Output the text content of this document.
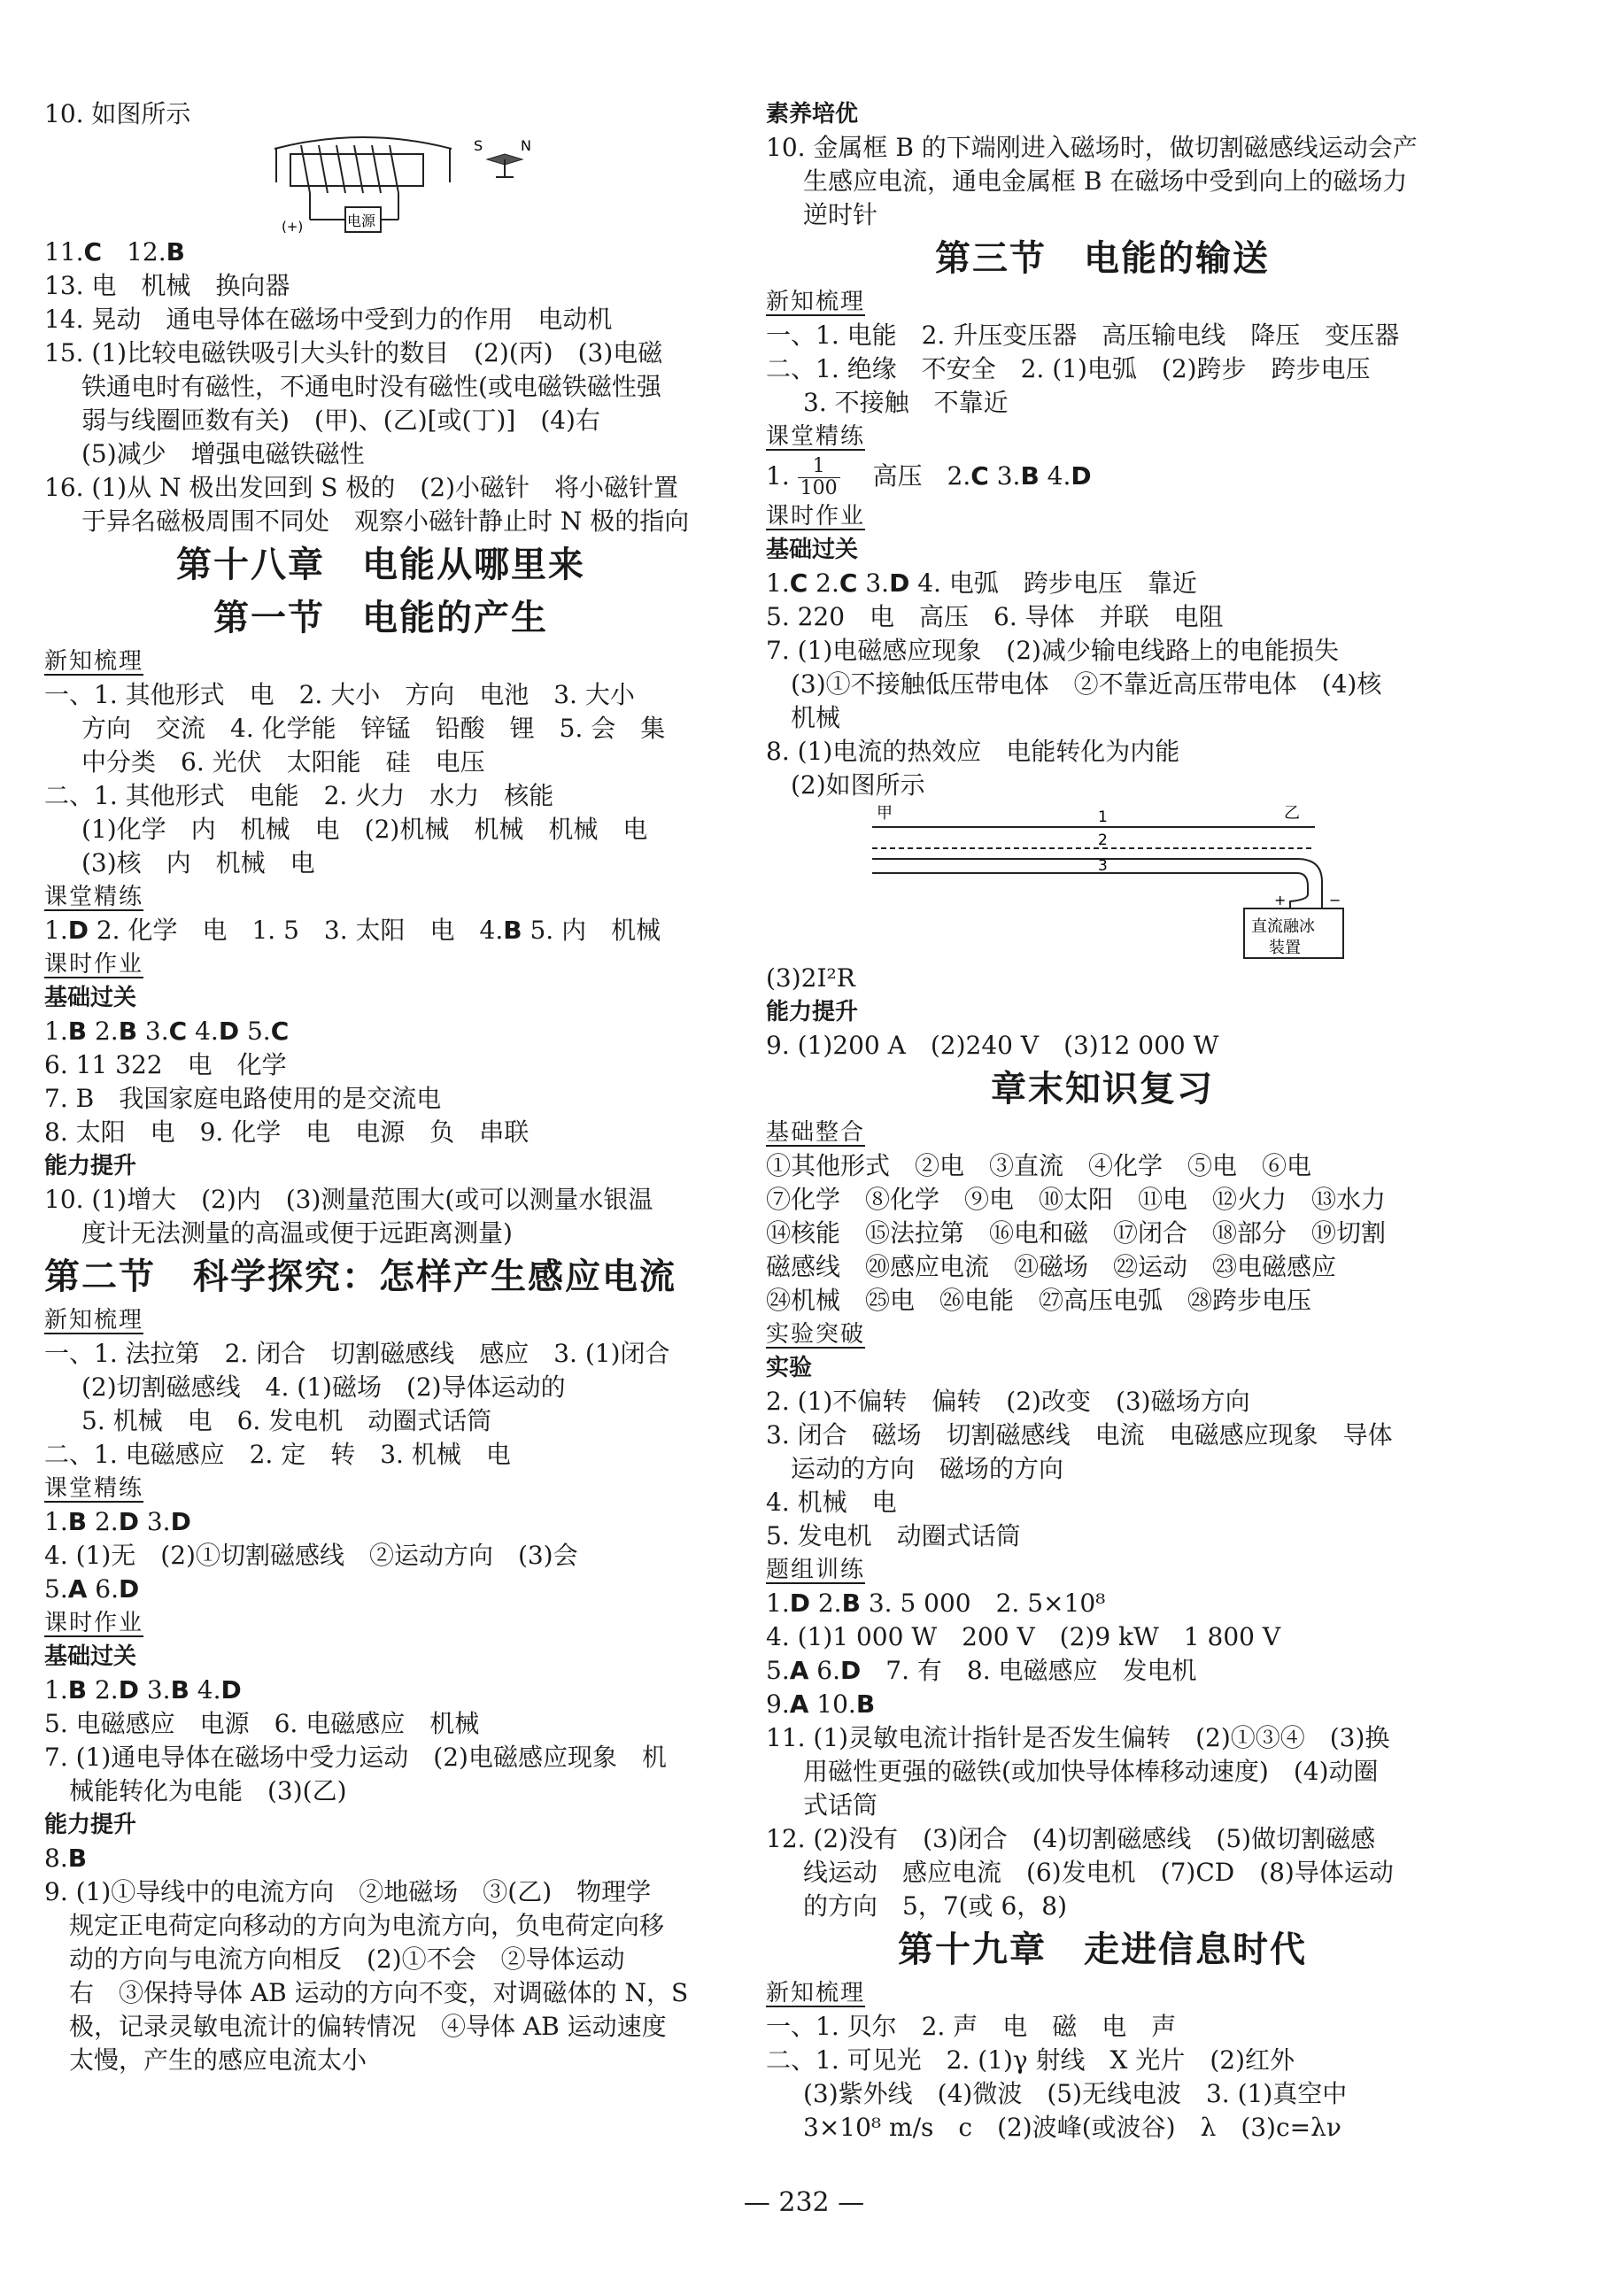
10. 如图所示
电源
(+)
S	N
11.C　 12.B
13. 电　机械　换向器
14. 晃动　通电导体在磁场中受到力的作用　电动机
15. (1)比较电磁铁吸引大头针的数目　(2)(丙)　(3)电磁
铁通电时有磁性，不通电时没有磁性(或电磁铁磁性强
弱与线圈匝数有关)　(甲)、(乙)[或(丁)]　(4)右
(5)减少　增强电磁铁磁性
16. (1)从 N 极出发回到 S 极的　(2)小磁针　将小磁针置
于异名磁极周围不同处　观察小磁针静止时 N 极的指向
第十八章　电能从哪里来
第一节　电能的产生
新知梳理
一、1. 其他形式　电　2. 大小　方向　电池　3. 大小
方向　交流　4. 化学能　锌锰　铅酸　锂　5. 会　集
中分类　6. 光伏　太阳能　硅　电压
二、1. 其他形式　电能　2. 火力　水力　核能
(1)化学　内　机械　电　(2)机械　机械　机械　电
(3)核　内　机械　电
课堂精练
1.D 2. 化学　电　1. 5　3. 太阳　电　4.B 5. 内　机械
课时作业
基础过关
1.B 2.B 3.C 4.D 5.C
6. 11 322　电　化学
7. B　我国家庭电路使用的是交流电
8. 太阳　电　9. 化学　电　电源　负　串联
能力提升
10. (1)增大　(2)内　(3)测量范围大(或可以测量水银温
度计无法测量的高温或便于远距离测量)
第二节　科学探究：怎样产生感应电流
新知梳理
一、1. 法拉第　2. 闭合　切割磁感线　感应　3. (1)闭合
(2)切割磁感线　4. (1)磁场　(2)导体运动的
5. 机械　电　6. 发电机　动圈式话筒
二、1. 电磁感应　2. 定　转　3. 机械　电
课堂精练
1.B 2.D 3.D
4. (1)无　(2)①切割磁感线　②运动方向　(3)会
5.A 6.D
课时作业
基础过关
1.B 2.D 3.B 4.D
5. 电磁感应　电源　6. 电磁感应　机械
7. (1)通电导体在磁场中受力运动　(2)电磁感应现象　机
械能转化为电能　(3)(乙)
能力提升
8.B
9. (1)①导线中的电流方向　②地磁场　③(乙)　物理学
规定正电荷定向移动的方向为电流方向，负电荷定向移
动的方向与电流方向相反　(2)①不会　②导体运动
右　③保持导体 AB 运动的方向不变，对调磁体的 N，S
极，记录灵敏电流计的偏转情况　④导体 AB 运动速度
太慢，产生的感应电流太小
素养培优
10. 金属框 B 的下端刚进入磁场时，做切割磁感线运动会产
生感应电流，通电金属框 B 在磁场中受到向上的磁场力
逆时针
第三节　电能的输送
新知梳理
一、1. 电能　2. 升压变压器　高压输电线　降压　变压器
二、1. 绝缘　不安全　2. (1)电弧　(2)跨步　跨步电压
3. 不接触　不靠近
课堂精练
1. $\frac{1}{100}$
　 高压　2.C 3.B 4.D
课时作业
基础过关
1.C 2.C 3.D 4. 电弧　跨步电压　靠近
5. 220　电　高压　6. 导体　并联　电阻
7. (1)电磁感应现象　(2)减少输电线路上的电能损失
(3)①不接触低压带电体　②不靠近高压带电体　(4)核
机械
8. (1)电流的热效应　电能转化为内能
(2)如图所示
甲	乙
1
2
3
直流融冰
装置
+	−
(3)2I²R
能力提升
9. (1)200 A　(2)240 V　(3)12 000 W
章末知识复习
基础整合
①其他形式　②电　③直流　④化学　⑤电　⑥电
⑦化学　⑧化学　⑨电　⑩太阳　⑪电　⑫火力　⑬水力
⑭核能　⑮法拉第　⑯电和磁　⑰闭合　⑱部分　⑲切割
磁感线　⑳感应电流　㉑磁场　㉒运动　㉓电磁感应
㉔机械　㉕电　㉖电能　㉗高压电弧　㉘跨步电压
实验突破
实验
2. (1)不偏转　偏转　(2)改变　(3)磁场方向
3. 闭合　磁场　切割磁感线　电流　电磁感应现象　导体
运动的方向　磁场的方向
4. 机械　电
5. 发电机　动圈式话筒
题组训练
1.D 2.B 3. 5 000　2. 5×10⁸
4. (1)1 000 W　200 V　(2)9 kW　1 800 V
5.A 6.D　7. 有　8. 电磁感应　发电机
9.A 10.B
11. (1)灵敏电流计指针是否发生偏转　(2)①③④　(3)换
用磁性更强的磁铁(或加快导体棒移动速度)　(4)动圈
式话筒
12. (2)没有　(3)闭合　(4)切割磁感线　(5)做切割磁感
线运动　感应电流　(6)发电机　(7)CD　(8)导体运动
的方向　5，7(或 6，8)
第十九章　走进信息时代
新知梳理
一、1. 贝尔　2. 声　电　磁　电　声
二、1. 可见光　2. (1)γ 射线　X 光片　(2)红外
(3)紫外线　(4)微波　(5)无线电波　3. (1)真空中
3×10⁸ m/s　c　(2)波峰(或波谷)　λ　(3)c=λν
— 232 —
